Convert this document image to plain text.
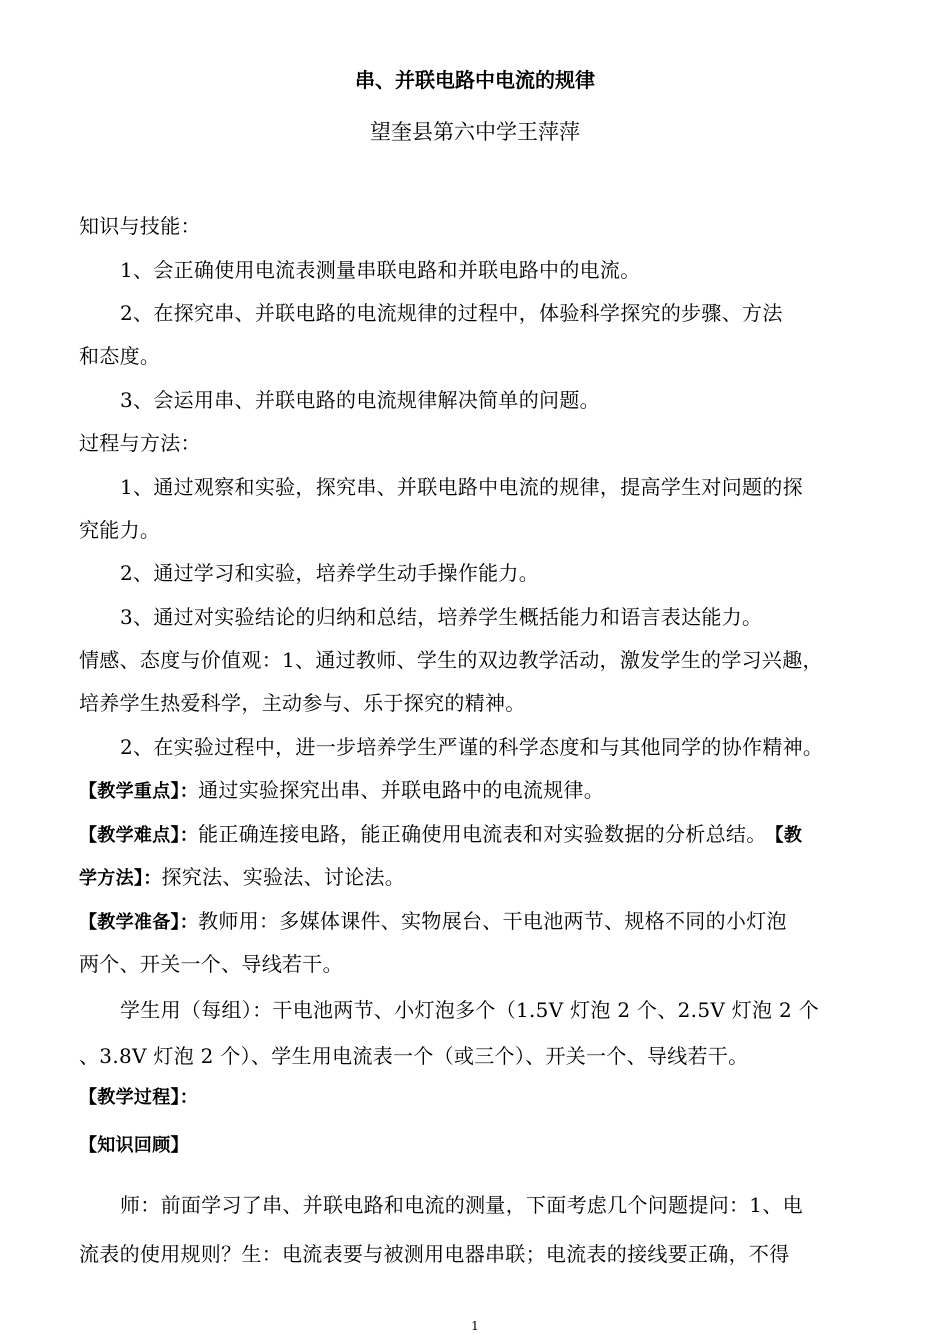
串、并联电路中电流的规律
望奎县第六中学王萍萍
知识与技能：
1、会正确使用电流表测量串联电路和并联电路中的电流。
2、在探究串、并联电路的电流规律的过程中，体验科学探究的步骤、方法
和态度。
3、会运用串、并联电路的电流规律解决简单的问题。
过程与方法：
1、通过观察和实验，探究串、并联电路中电流的规律，提高学生对问题的探
究能力。
2、通过学习和实验，培养学生动手操作能力。
3、通过对实验结论的归纳和总结，培养学生概括能力和语言表达能力。
情感、态度与价值观：1、通过教师、学生的双边教学活动，激发学生的学习兴趣，
培养学生热爱科学，主动参与、乐于探究的精神。
2、在实验过程中，进一步培养学生严谨的科学态度和与其他同学的协作精神。
【教学重点】：通过实验探究出串、并联电路中的电流规律。
【教学难点】：能正确连接电路，能正确使用电流表和对实验数据的分析总结。 【教
学方法】：探究法、实验法、讨论法。
【教学准备】：教师用：多媒体课件、实物展台、干电池两节、规格不同的小灯泡
两个、开关一个、导线若干。
学生用（每组）：干电池两节、小灯泡多个（1.5V 灯泡 2 个、2.5V 灯泡 2 个
、3.8V 灯泡 2 个）、学生用电流表一个（或三个）、开关一个、导线若干。
【教学过程】：
【知识回顾】
师：前面学习了串、并联电路和电流的测量，下面考虑几个问题提问：1、电
流表的使用规则？生：电流表要与被测用电器串联；电流表的接线要正确，不得
1
